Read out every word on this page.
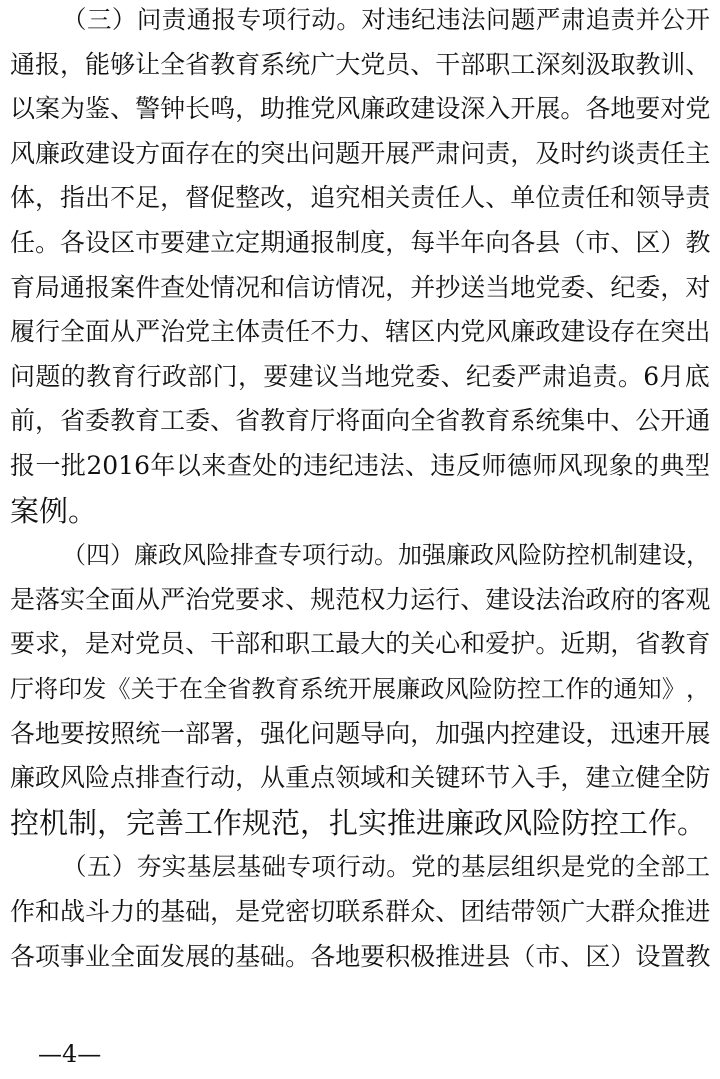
（ 三 ） 问 责 通 报 专 项 行 动 。 对 违 纪 违 法 问 题 严 肃 追 责 并 公 开
通 报 ， 能 够 让 全 省 教 育 系 统 广 大 党 员 、 干 部 职 工 深 刻 汲 取 教 训 、
以 案 为 鉴 、 警 钟 长 鸣 ， 助 推 党 风 廉 政 建 设 深 入 开 展 。 各 地 要 对 党
风 廉 政 建 设 方 面 存 在 的 突 出 问 题 开 展 严 肃 问 责 ， 及 时 约 谈 责 任 主
体 ， 指 出 不 足 ， 督 促 整 改 ， 追 究 相 关 责 任 人 、 单 位 责 任 和 领 导 责
任 。 各 设 区 市 要 建 立 定 期 通 报 制 度 ， 每 半 年 向 各 县 （ 市 、 区 ） 教
育 局 通 报 案 件 查 处 情 况 和 信 访 情 况 ， 并 抄 送 当 地 党 委 、 纪 委 ， 对
履 行 全 面 从 严 治 党 主 体 责 任 不 力 、 辖 区 内 党 风 廉 政 建 设 存 在 突 出
问 题 的 教 育 行 政 部 门 ， 要 建 议 当 地 党 委 、 纪 委 严 肃 追 责 。 6 月 底
前 ， 省 委 教 育 工 委 、 省 教 育 厅 将 面 向 全 省 教 育 系 统 集 中 、 公 开 通
报 一 批 2016 年 以 来 查 处 的 违 纪 违 法 、 违 反 师 德 师 风 现 象 的 典 型
案例。
（ 四 ） 廉 政 风 险 排 查 专 项 行 动 。 加 强 廉 政 风 险 防 控 机 制 建 设 ，
是 落 实 全 面 从 严 治 党 要 求 、 规 范 权 力 运 行 、 建 设 法 治 政 府 的 客 观
要 求 ， 是 对 党 员 、 干 部 和 职 工 最 大 的 关 心 和 爱 护 。 近 期 ， 省 教 育
厅 将 印 发 《 关 于 在 全 省 教 育 系 统 开 展 廉 政 风 险 防 控 工 作 的 通 知 》 ，
各 地 要 按 照 统 一 部 署 ， 强 化 问 题 导 向 ， 加 强 内 控 建 设 ， 迅 速 开 展
廉 政 风 险 点 排 查 行 动 ， 从 重 点 领 域 和 关 键 环 节 入 手 ， 建 立 健 全 防
控机制，完善工作规范，扎实推进廉政风险防控工作。
（ 五 ） 夯 实 基 层 基 础 专 项 行 动 。 党 的 基 层 组 织 是 党 的 全 部 工
作 和 战 斗 力 的 基 础 ， 是 党 密 切 联 系 群 众 、 团 结 带 领 广 大 群 众 推 进
各 项 事 业 全 面 发 展 的 基 础 。 各 地 要 积 极 推 进 县 （ 市 、 区 ） 设 置 教
—4—
